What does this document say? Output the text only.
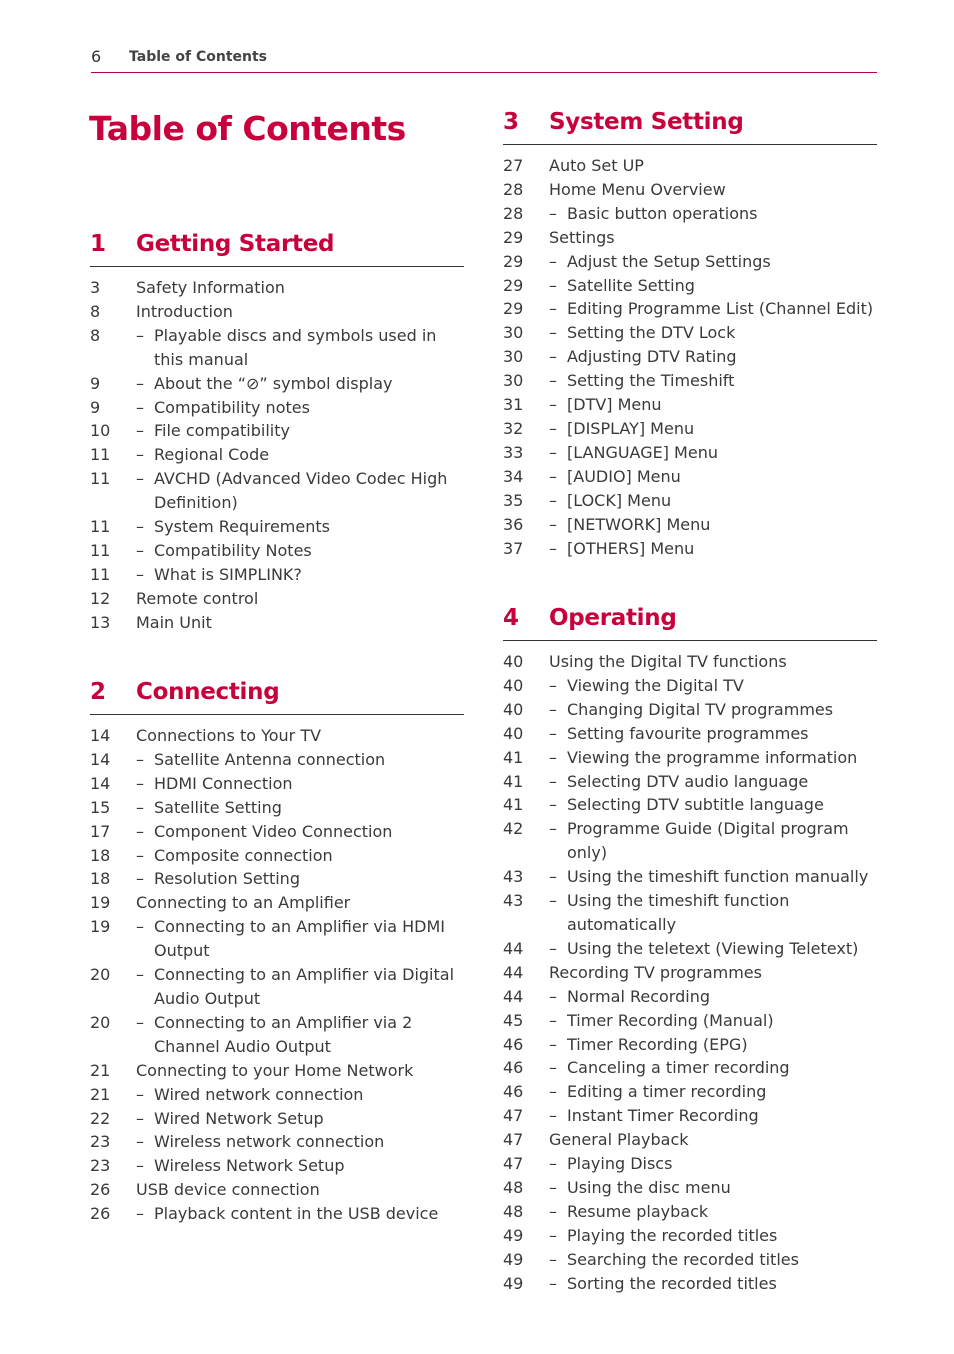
6 Table of Contents
Table of Contents
1	Getting Started
3	Safety Information
8	Introduction
8	– Playable discs and symbols used in this manual
9	– About the “⊘” symbol display
9	– Compatibility notes
10	– File compatibility
11	– Regional Code
11	– AVCHD (Advanced Video Codec High Definition)
11	– System Requirements
11	– Compatibility Notes
11	– What is SIMPLINK?
12	Remote control
13	Main Unit
2	Connecting
14	Connections to Your TV
14	– Satellite Antenna connection
14	– HDMI Connection
15	– Satellite Setting
17	– Component Video Connection
18	– Composite connection
18	– Resolution Setting
19	Connecting to an Amplifier
19	– Connecting to an Amplifier via HDMI Output
20	– Connecting to an Amplifier via Digital Audio Output
20	– Connecting to an Amplifier via 2 Channel Audio Output
21	Connecting to your Home Network
21	– Wired network connection
22	– Wired Network Setup
23	– Wireless network connection
23	– Wireless Network Setup
26	USB device connection
26	– Playback content in the USB device
3	System Setting
27	Auto Set UP
28	Home Menu Overview
28	– Basic button operations
29	Settings
29	– Adjust the Setup Settings
29	– Satellite Setting
29	– Editing Programme List (Channel Edit)
30	– Setting the DTV Lock
30	– Adjusting DTV Rating
30	– Setting the Timeshift
31	– [DTV] Menu
32	– [DISPLAY] Menu
33	– [LANGUAGE] Menu
34	– [AUDIO] Menu
35	– [LOCK] Menu
36	– [NETWORK] Menu
37	– [OTHERS] Menu
4	Operating
40	Using the Digital TV functions
40	– Viewing the Digital TV
40	– Changing Digital TV programmes
40	– Setting favourite programmes
41	– Viewing the programme information
41	– Selecting DTV audio language
41	– Selecting DTV subtitle language
42	– Programme Guide (Digital program only)
43	– Using the timeshift function manually
43	– Using the timeshift function automatically
44	– Using the teletext (Viewing Teletext)
44	Recording TV programmes
44	– Normal Recording
45	– Timer Recording (Manual)
46	– Timer Recording (EPG)
46	– Canceling a timer recording
46	– Editing a timer recording
47	– Instant Timer Recording
47	General Playback
47	– Playing Discs
48	– Using the disc menu
48	– Resume playback
49	– Playing the recorded titles
49	– Searching the recorded titles
49	– Sorting the recorded titles
